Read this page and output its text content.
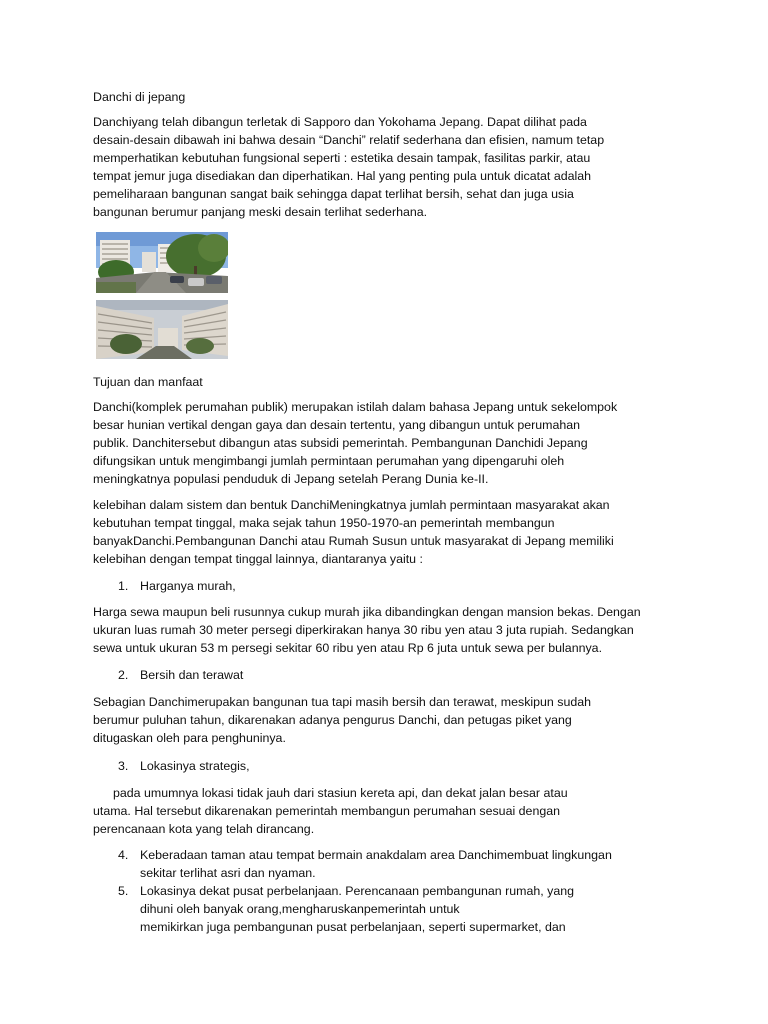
Danchi di jepang
Danchiyang telah dibangun terletak di Sapporo dan Yokohama Jepang. Dapat dilihat pada
desain-desain dibawah ini bahwa desain “Danchi” relatif sederhana dan efisien, namum tetap
memperhatikan kebutuhan fungsional seperti : estetika desain tampak, fasilitas parkir, atau
tempat jemur juga disediakan dan diperhatikan. Hal yang penting pula untuk dicatat adalah
pemeliharaan bangunan sangat baik sehingga dapat terlihat bersih, sehat dan juga usia
bangunan berumur panjang meski desain terlihat sederhana.
Tujuan dan manfaat
Danchi(komplek perumahan publik) merupakan istilah dalam bahasa Jepang untuk sekelompok
besar hunian vertikal dengan gaya dan desain tertentu, yang dibangun untuk perumahan
publik. Danchitersebut dibangun atas subsidi pemerintah. Pembangunan Danchidi Jepang
difungsikan untuk mengimbangi jumlah permintaan perumahan yang dipengaruhi oleh
meningkatnya populasi penduduk di Jepang setelah Perang Dunia ke-II.
kelebihan dalam sistem dan bentuk DanchiMeningkatnya jumlah permintaan masyarakat akan
kebutuhan tempat tinggal, maka sejak tahun 1950-1970-an pemerintah membangun
banyakDanchi.Pembangunan Danchi atau Rumah Susun untuk masyarakat di Jepang memiliki
kelebihan dengan tempat tinggal lainnya, diantaranya yaitu :
1. Harganya murah,
Harga sewa maupun beli rusunnya cukup murah jika dibandingkan dengan mansion bekas. Dengan
ukuran luas rumah 30 meter persegi diperkirakan hanya 30 ribu yen atau 3 juta rupiah. Sedangkan
sewa untuk ukuran 53 m persegi sekitar 60 ribu yen atau Rp 6 juta untuk sewa per bulannya.
2. Bersih dan terawat
Sebagian Danchimerupakan bangunan tua tapi masih bersih dan terawat, meskipun sudah
berumur puluhan tahun, dikarenakan adanya pengurus Danchi, dan petugas piket yang
ditugaskan oleh para penghuninya.
3. Lokasinya strategis,
pada umumnya lokasi tidak jauh dari stasiun kereta api, dan dekat jalan besar atau
utama. Hal tersebut dikarenakan pemerintah membangun perumahan sesuai dengan
perencanaan kota yang telah dirancang.
4. Keberadaan taman atau tempat bermain anakdalam area Danchimembuat lingkungan
sekitar terlihat asri dan nyaman.
5. Lokasinya dekat pusat perbelanjaan. Perencanaan pembangunan rumah, yang
dihuni oleh banyak orang,mengharuskanpemerintah untuk
memikirkan juga pembangunan pusat perbelanjaan, seperti supermarket, dan
